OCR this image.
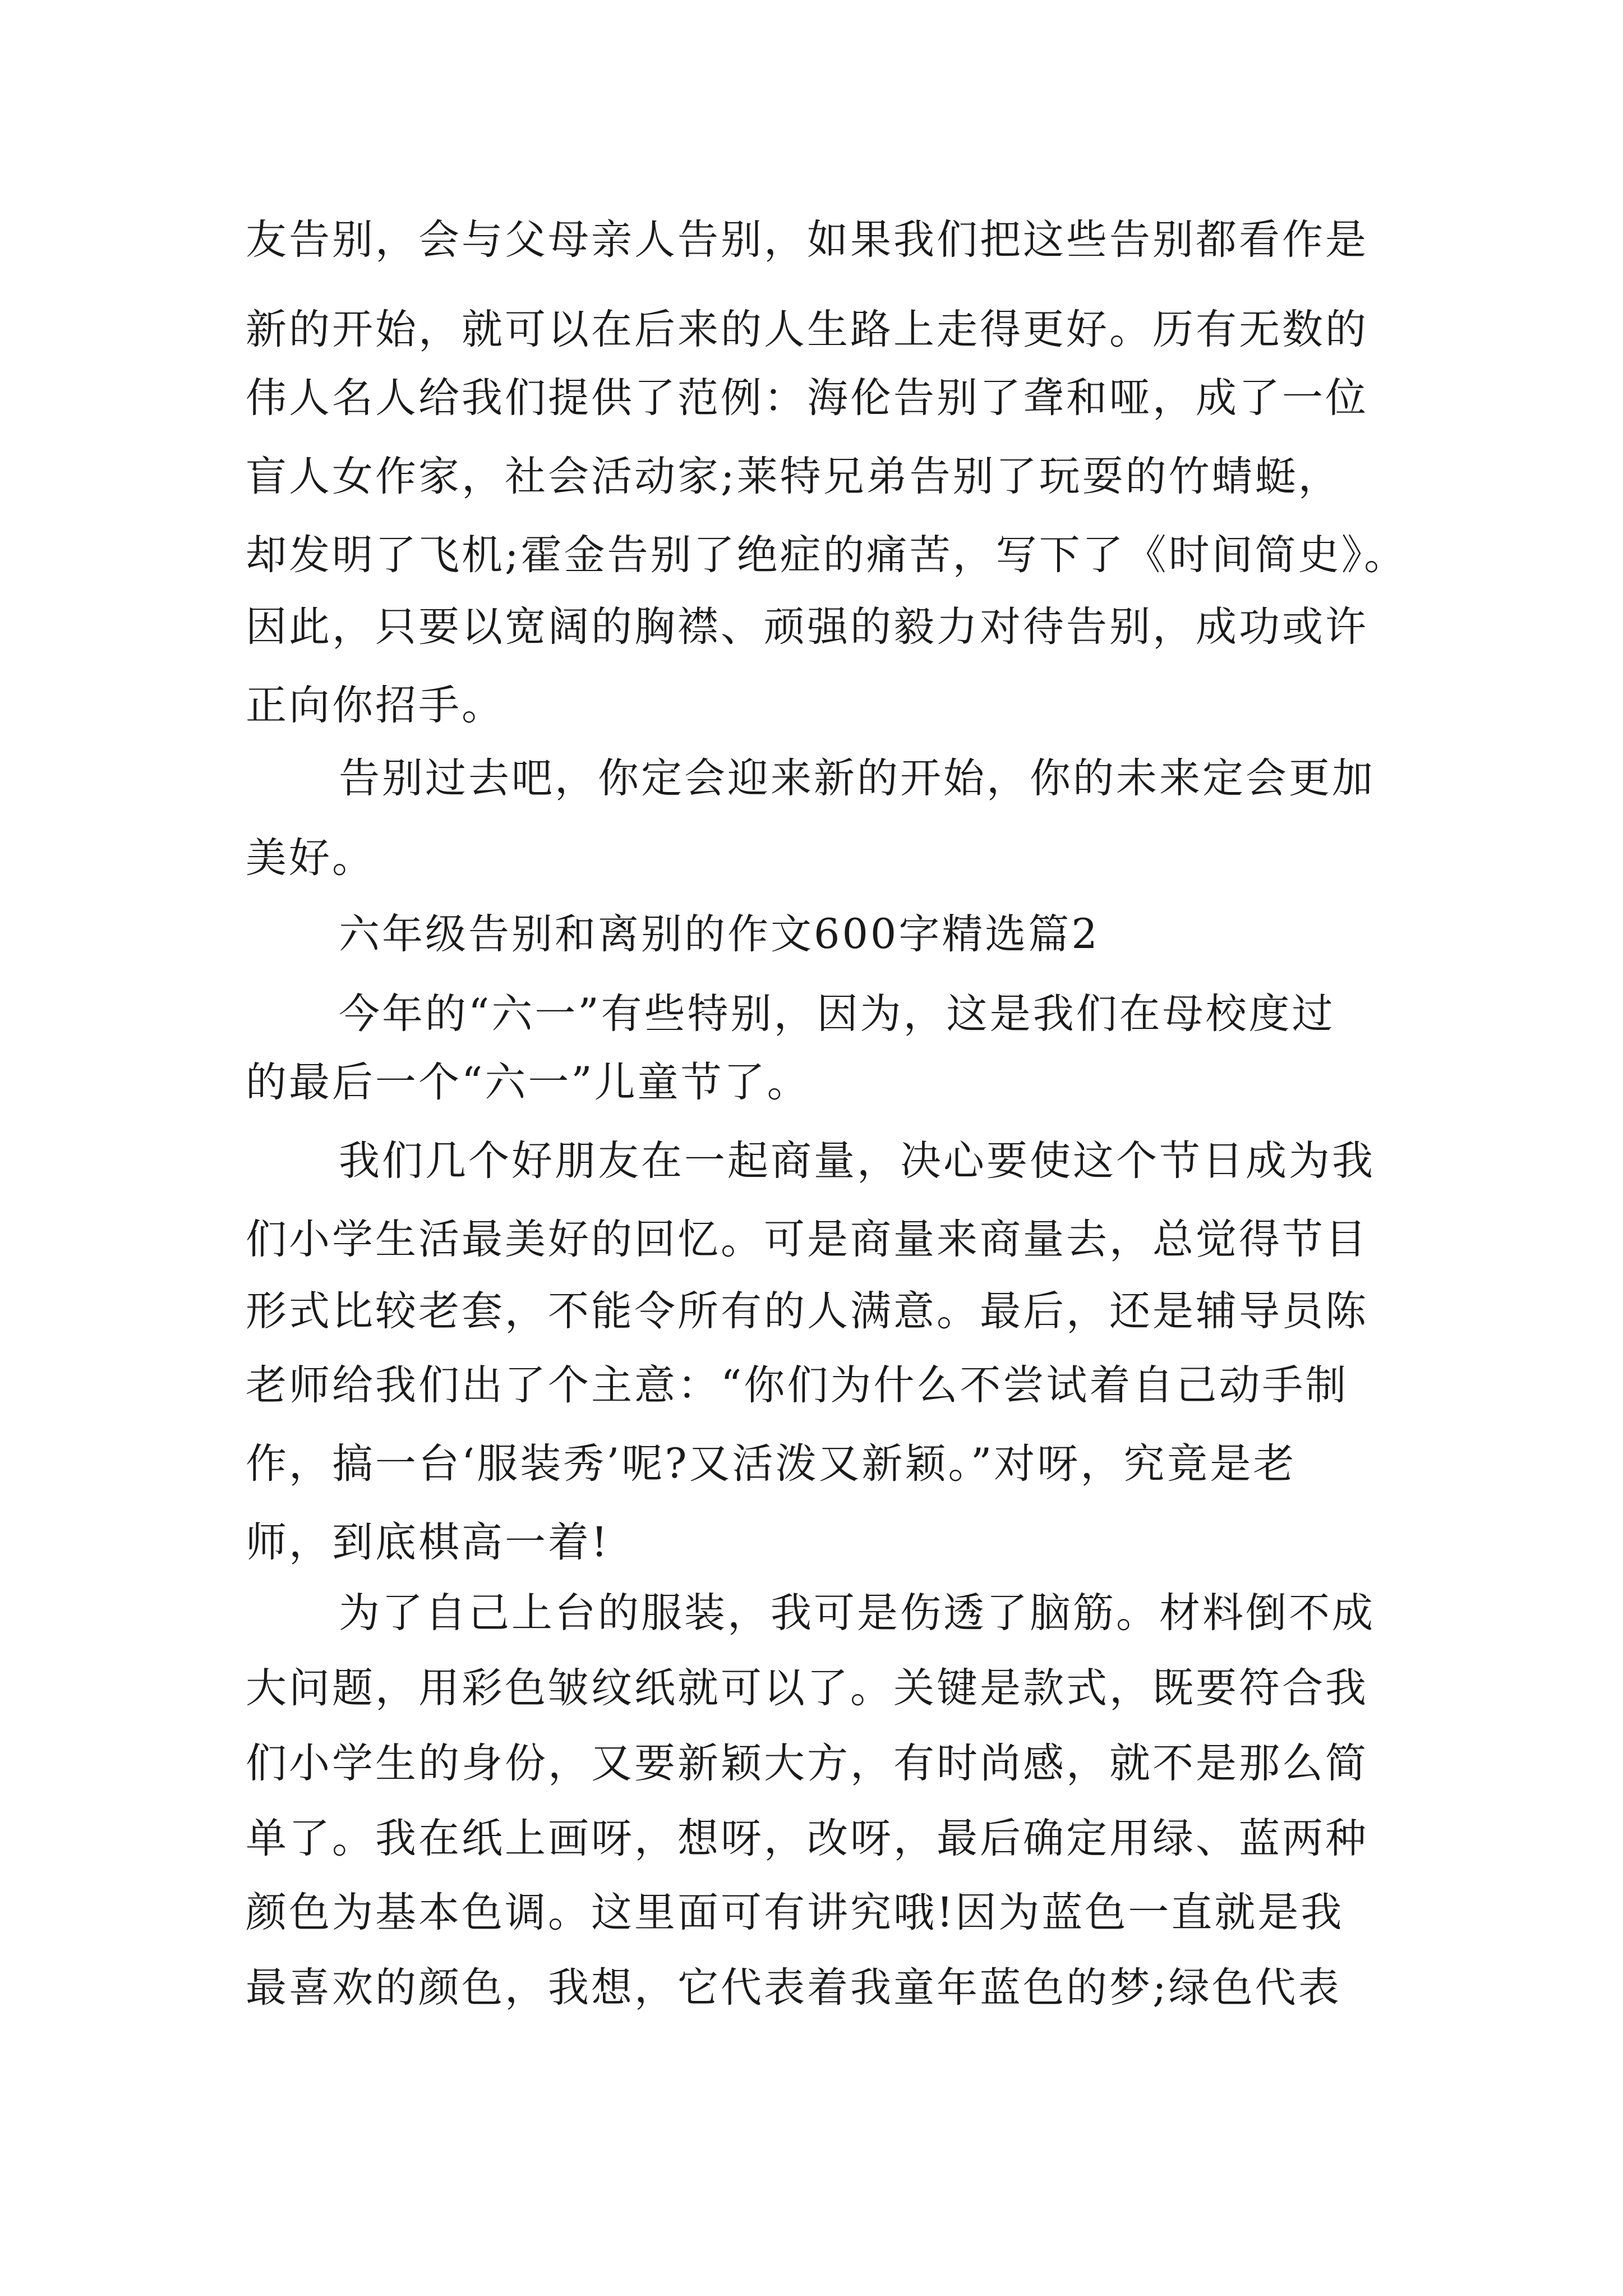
友告别，会与父母亲人告别，如果我们把这些告别都看作是
新的开始，就可以在后来的人生路上走得更好。历有无数的
伟人名人给我们提供了范例：海伦告别了聋和哑，成了一位
盲人女作家，社会活动家;莱特兄弟告别了玩耍的竹蜻蜓，
却发明了飞机;霍金告别了绝症的痛苦，写下了《时间简史》。
因此，只要以宽阔的胸襟、顽强的毅力对待告别，成功或许
正向你招手。
告别过去吧，你定会迎来新的开始，你的未来定会更加
美好。
六年级告别和离别的作文600字精选篇2
今年的“六一”有些特别，因为，这是我们在母校度过
的最后一个“六一”儿童节了。
我们几个好朋友在一起商量，决心要使这个节日成为我
们小学生活最美好的回忆。可是商量来商量去，总觉得节目
形式比较老套，不能令所有的人满意。最后，还是辅导员陈
老师给我们出了个主意：“你们为什么不尝试着自己动手制
作，搞一台‘服装秀’呢?又活泼又新颖。”对呀，究竟是老
师，到底棋高一着!
为了自己上台的服装，我可是伤透了脑筋。材料倒不成
大问题，用彩色皱纹纸就可以了。关键是款式，既要符合我
们小学生的身份，又要新颖大方，有时尚感，就不是那么简
单了。我在纸上画呀，想呀，改呀，最后确定用绿、蓝两种
颜色为基本色调。这里面可有讲究哦!因为蓝色一直就是我
最喜欢的颜色，我想，它代表着我童年蓝色的梦;绿色代表
